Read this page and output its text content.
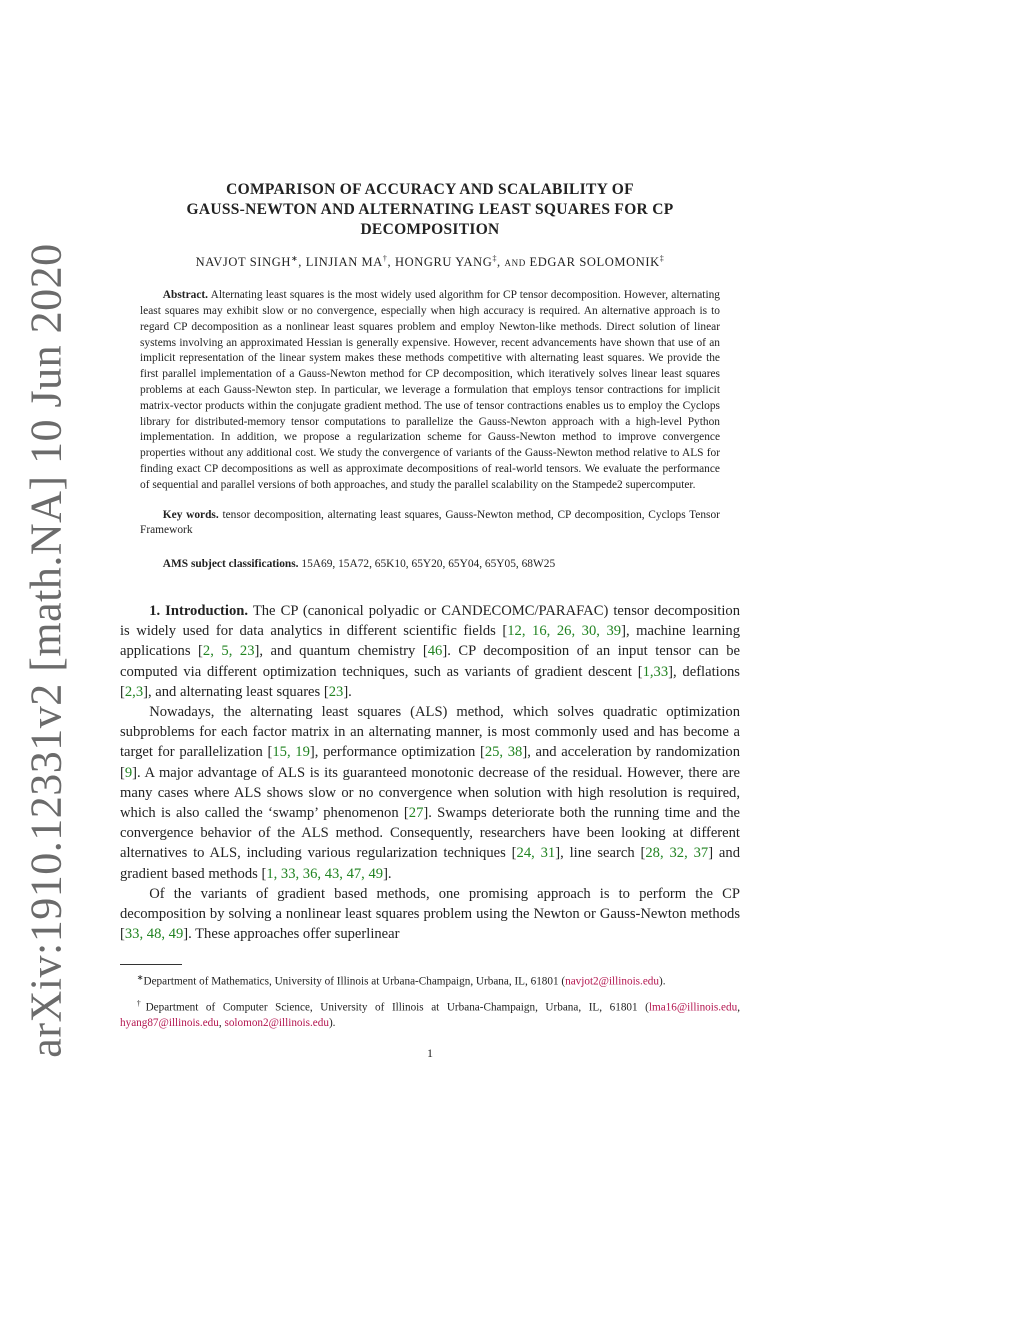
arXiv:1910.12331v2 [math.NA] 10 Jun 2020
COMPARISON OF ACCURACY AND SCALABILITY OF
GAUSS-NEWTON AND ALTERNATING LEAST SQUARES FOR CP
DECOMPOSITION
NAVJOT SINGH∗, LINJIAN MA†, HONGRU YANG‡, and EDGAR SOLOMONIK‡
Abstract. Alternating least squares is the most widely used algorithm for CP tensor decomposition. However, alternating least squares may exhibit slow or no convergence, especially when high accuracy is required. An alternative approach is to regard CP decomposition as a nonlinear least squares problem and employ Newton-like methods. Direct solution of linear systems involving an approximated Hessian is generally expensive. However, recent advancements have shown that use of an implicit representation of the linear system makes these methods competitive with alternating least squares. We provide the first parallel implementation of a Gauss-Newton method for CP decomposition, which iteratively solves linear least squares problems at each Gauss-Newton step. In particular, we leverage a formulation that employs tensor contractions for implicit matrix-vector products within the conjugate gradient method. The use of tensor contractions enables us to employ the Cyclops library for distributed-memory tensor computations to parallelize the Gauss-Newton approach with a high-level Python implementation. In addition, we propose a regularization scheme for Gauss-Newton method to improve convergence properties without any additional cost. We study the convergence of variants of the Gauss-Newton method relative to ALS for finding exact CP decompositions as well as approximate decompositions of real-world tensors. We evaluate the performance of sequential and parallel versions of both approaches, and study the parallel scalability on the Stampede2 supercomputer.
Key words. tensor decomposition, alternating least squares, Gauss-Newton method, CP decomposition, Cyclops Tensor Framework
AMS subject classifications. 15A69, 15A72, 65K10, 65Y20, 65Y04, 65Y05, 68W25

1. Introduction. The CP (canonical polyadic or CANDECOMC/PARAFAC) tensor decomposition is widely used for data analytics in different scientific fields [12, 16, 26, 30, 39], machine learning applications [2, 5, 23], and quantum chemistry [46]. CP decomposition of an input tensor can be computed via different optimization techniques, such as variants of gradient descent [1,33], deflations [2,3], and alternating least squares [23].

Nowadays, the alternating least squares (ALS) method, which solves quadratic optimization subproblems for each factor matrix in an alternating manner, is most commonly used and has become a target for parallelization [15, 19], performance optimization [25, 38], and acceleration by randomization [9]. A major advantage of ALS is its guaranteed monotonic decrease of the residual. However, there are many cases where ALS shows slow or no convergence when solution with high resolution is required, which is also called the ‘swamp’ phenomenon [27]. Swamps deteriorate both the running time and the convergence behavior of the ALS method. Consequently, researchers have been looking at different alternatives to ALS, including various regularization techniques [24, 31], line search [28, 32, 37] and gradient based methods [1, 33, 36, 43, 47, 49].

Of the variants of gradient based methods, one promising approach is to perform the CP decomposition by solving a nonlinear least squares problem using the Newton or Gauss-Newton methods [33, 48, 49]. These approaches offer superlinear

∗Department of Mathematics, University of Illinois at Urbana-Champaign, Urbana, IL, 61801 (navjot2@illinois.edu).
†Department of Computer Science, University of Illinois at Urbana-Champaign, Urbana, IL, 61801 (lma16@illinois.edu, hyang87@illinois.edu, solomon2@illinois.edu).
1
